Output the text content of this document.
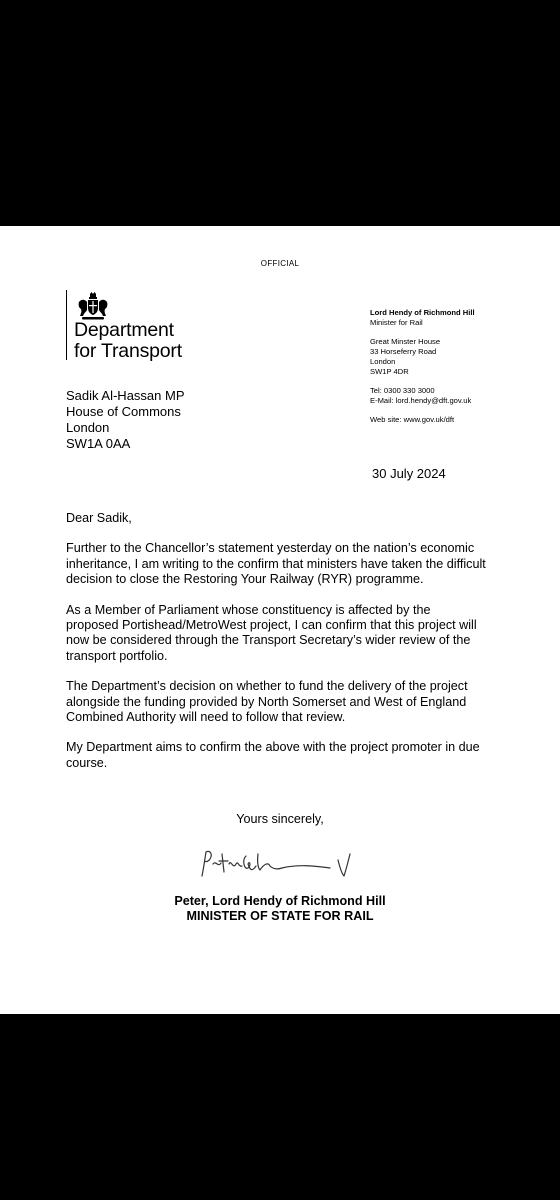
OFFICIAL
Department
for Transport
Lord Hendy of Richmond Hill
Minister for Rail
Great Minster House
33 Horseferry Road
London
SW1P 4DR
Tel: 0300 330 3000
E-Mail: lord.hendy@dft.gov.uk
Web site: www.gov.uk/dft
Sadik Al-Hassan MP
House of Commons
London
SW1A 0AA
30 July 2024

Dear Sadik,

Further to the Chancellor’s statement yesterday on the nation’s economic inheritance, I am writing to the confirm that ministers have taken the difficult decision to close the Restoring Your Railway (RYR) programme.

As a Member of Parliament whose constituency is affected by the proposed Portishead/MetroWest project, I can confirm that this project will now be considered through the Transport Secretary’s wider review of the transport portfolio.

The Department’s decision on whether to fund the delivery of the project alongside the funding provided by North Somerset and West of England Combined Authority will need to follow that review.

My Department aims to confirm the above with the project promoter in due course.

Yours sincerely,
Peter, Lord Hendy of Richmond Hill
MINISTER OF STATE FOR RAIL
